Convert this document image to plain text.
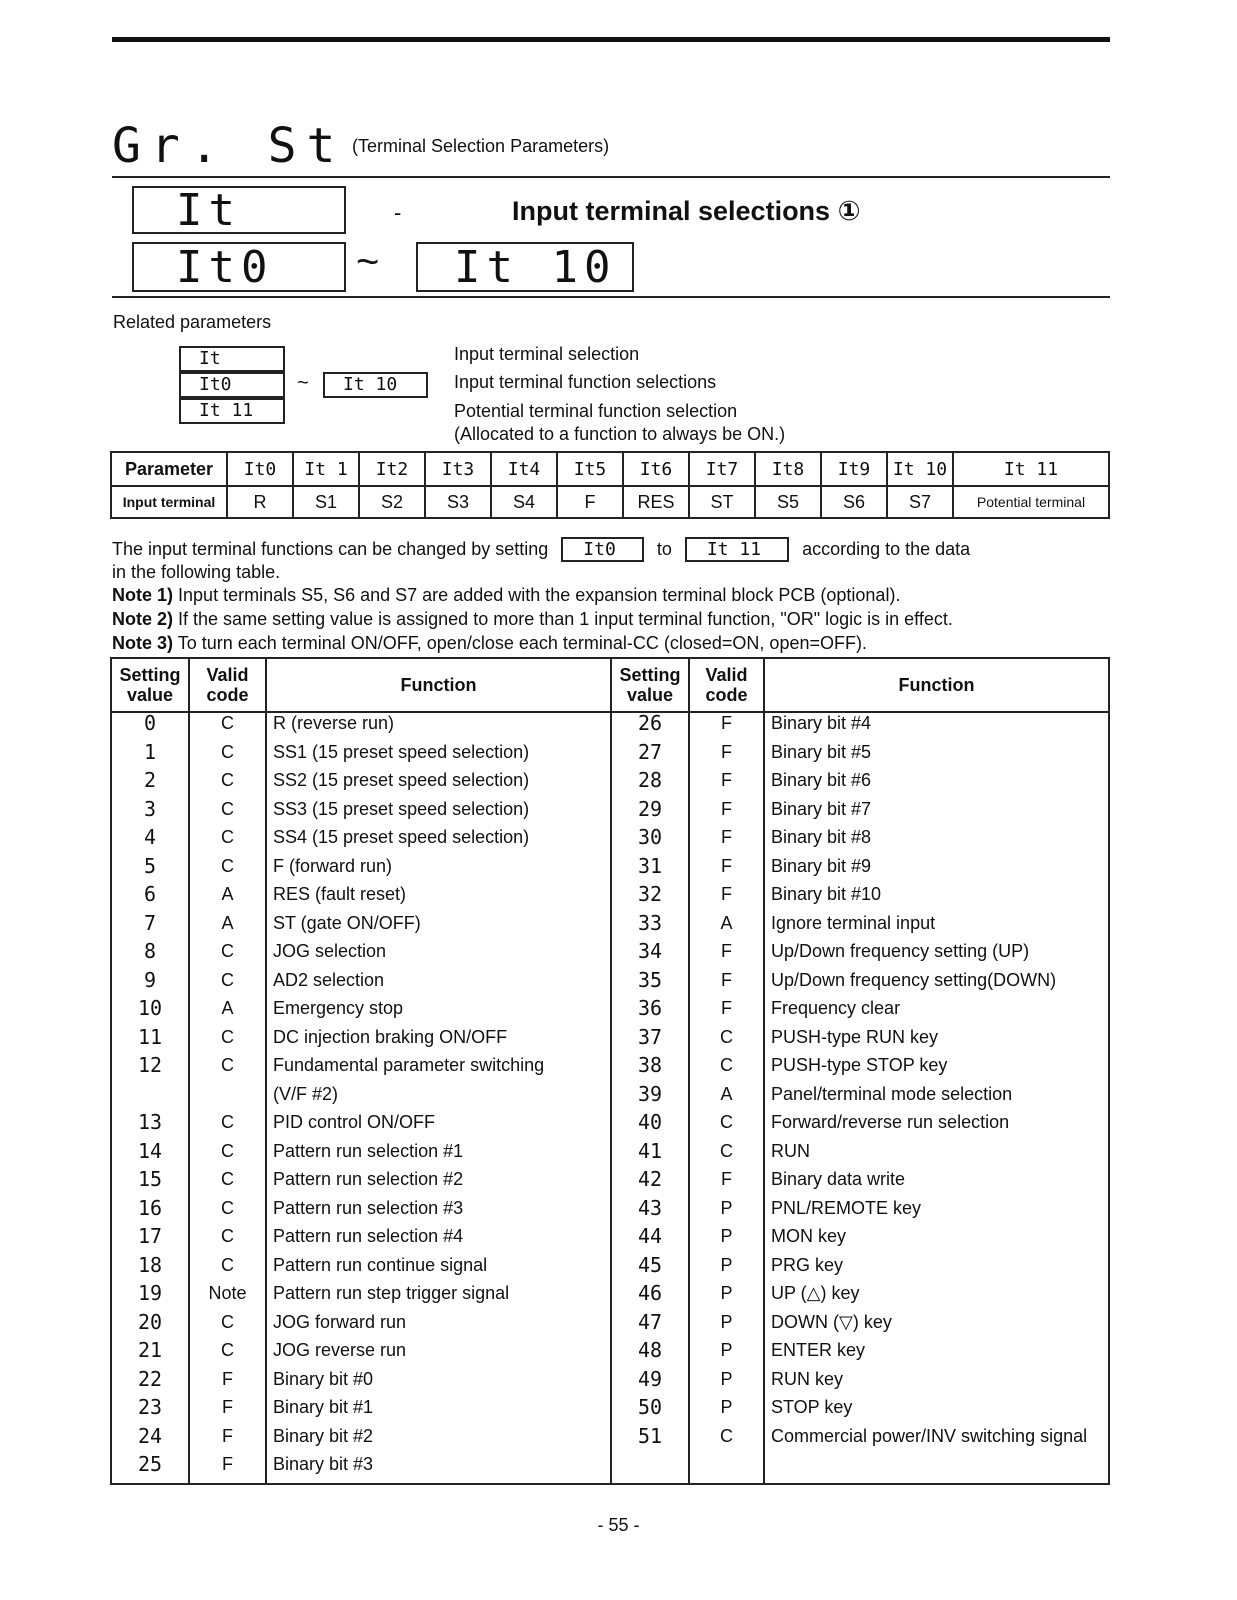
Gr. St (Terminal Selection Parameters)
It	-	Input terminal selections ①
It0 ~ It 10
Related parameters
It
It0
It 11
~	It 10
Input terminal selection
Input terminal function selections
Potential terminal function selection
(Allocated to a function to always be ON.)
Parameter	It0	It 1	It2	It3	It4	It5	It6	It7	It8	It9	It 10	It 11
Input terminal	R	S1	S2	S3	S4	F	RES	ST	S5	S6	S7	Potential terminal
The input terminal functions can be changed by setting It0 to It 11 according to the data
in the following table.
Note 1) Input terminals S5, S6 and S7 are added with the expansion terminal block PCB (optional).
Note 2) If the same setting value is assigned to more than 1 input terminal function, "OR" logic is in effect.
Note 3) To turn each terminal ON/OFF, open/close each terminal-CC (closed=ON, open=OFF).
Setting value	Valid code	Function	Setting value	Valid code	Function
0	C	R (reverse run)	26	F	Binary bit #4
1	C	SS1 (15 preset speed selection)	27	F	Binary bit #5
2	C	SS2 (15 preset speed selection)	28	F	Binary bit #6
3	C	SS3 (15 preset speed selection)	29	F	Binary bit #7
4	C	SS4 (15 preset speed selection)	30	F	Binary bit #8
5	C	F (forward run)	31	F	Binary bit #9
6	A	RES (fault reset)	32	F	Binary bit #10
7	A	ST (gate ON/OFF)	33	A	Ignore terminal input
8	C	JOG selection	34	F	Up/Down frequency setting (UP)
9	C	AD2 selection	35	F	Up/Down frequency setting(DOWN)
10	A	Emergency stop	36	F	Frequency clear
11	C	DC injection braking ON/OFF	37	C	PUSH-type RUN key
12	C	Fundamental parameter switching	38	C	PUSH-type STOP key
		(V/F #2)	39	A	Panel/terminal mode selection
13	C	PID control ON/OFF	40	C	Forward/reverse run selection
14	C	Pattern run selection #1	41	C	RUN
15	C	Pattern run selection #2	42	F	Binary data write
16	C	Pattern run selection #3	43	P	PNL/REMOTE key
17	C	Pattern run selection #4	44	P	MON key
18	C	Pattern run continue signal	45	P	PRG key
19	Note	Pattern run step trigger signal	46	P	UP (△) key
20	C	JOG forward run	47	P	DOWN (▽) key
21	C	JOG reverse run	48	P	ENTER key
22	F	Binary bit #0	49	P	RUN key
23	F	Binary bit #1	50	P	STOP key
24	F	Binary bit #2	51	C	Commercial power/INV switching signal
25	F	Binary bit #3			
- 55 -
